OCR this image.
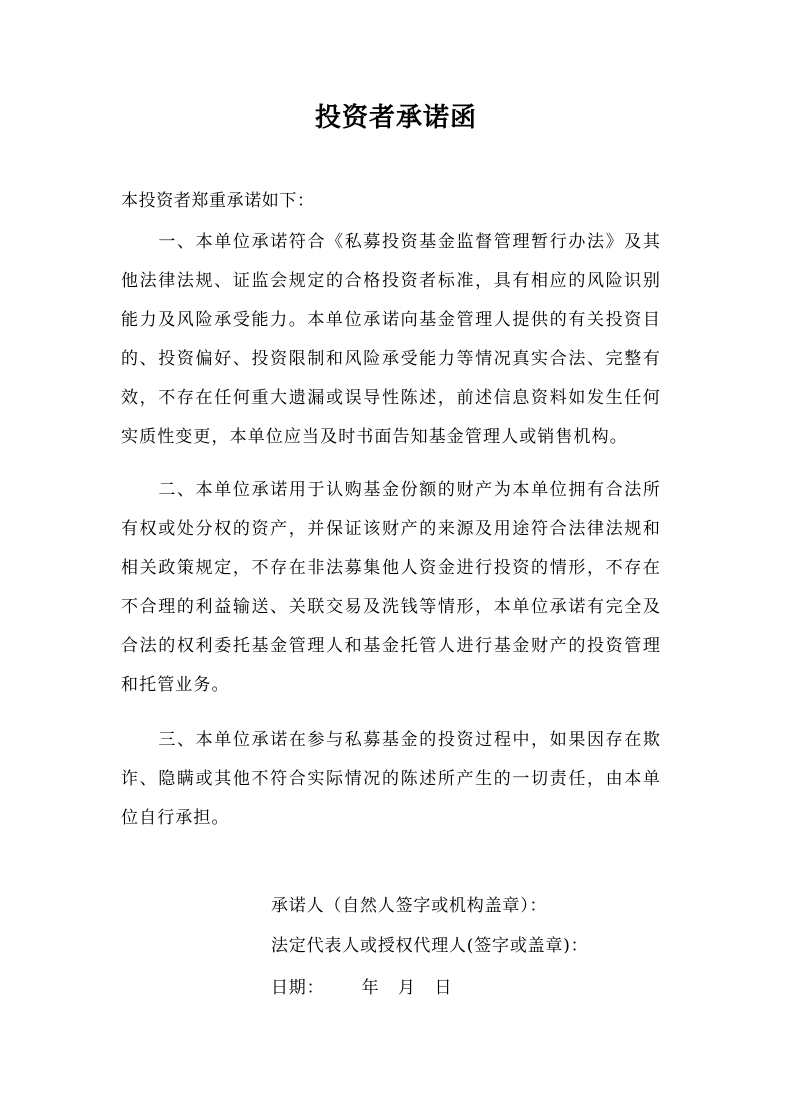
投资者承诺函
本投资者郑重承诺如下：
一、本单位承诺符合《私募投资基金监督管理暂行办法》及其他法律法规、证监会规定的合格投资者标准，具有相应的风险识别能力及风险承受能力。本单位承诺向基金管理人提供的有关投资目的、投资偏好、投资限制和风险承受能力等情况真实合法、完整有效，不存在任何重大遗漏或误导性陈述，前述信息资料如发生任何实质性变更，本单位应当及时书面告知基金管理人或销售机构。
二、本单位承诺用于认购基金份额的财产为本单位拥有合法所有权或处分权的资产，并保证该财产的来源及用途符合法律法规和相关政策规定，不存在非法募集他人资金进行投资的情形，不存在不合理的利益输送、关联交易及洗钱等情形，本单位承诺有完全及合法的权利委托基金管理人和基金托管人进行基金财产的投资管理和托管业务。
三、本单位承诺在参与私募基金的投资过程中，如果因存在欺诈、隐瞒或其他不符合实际情况的陈述所产生的一切责任，由本单位自行承担。
承诺人（自然人签字或机构盖章）：
法定代表人或授权代理人(签字或盖章)：
日期：      年   月   日
